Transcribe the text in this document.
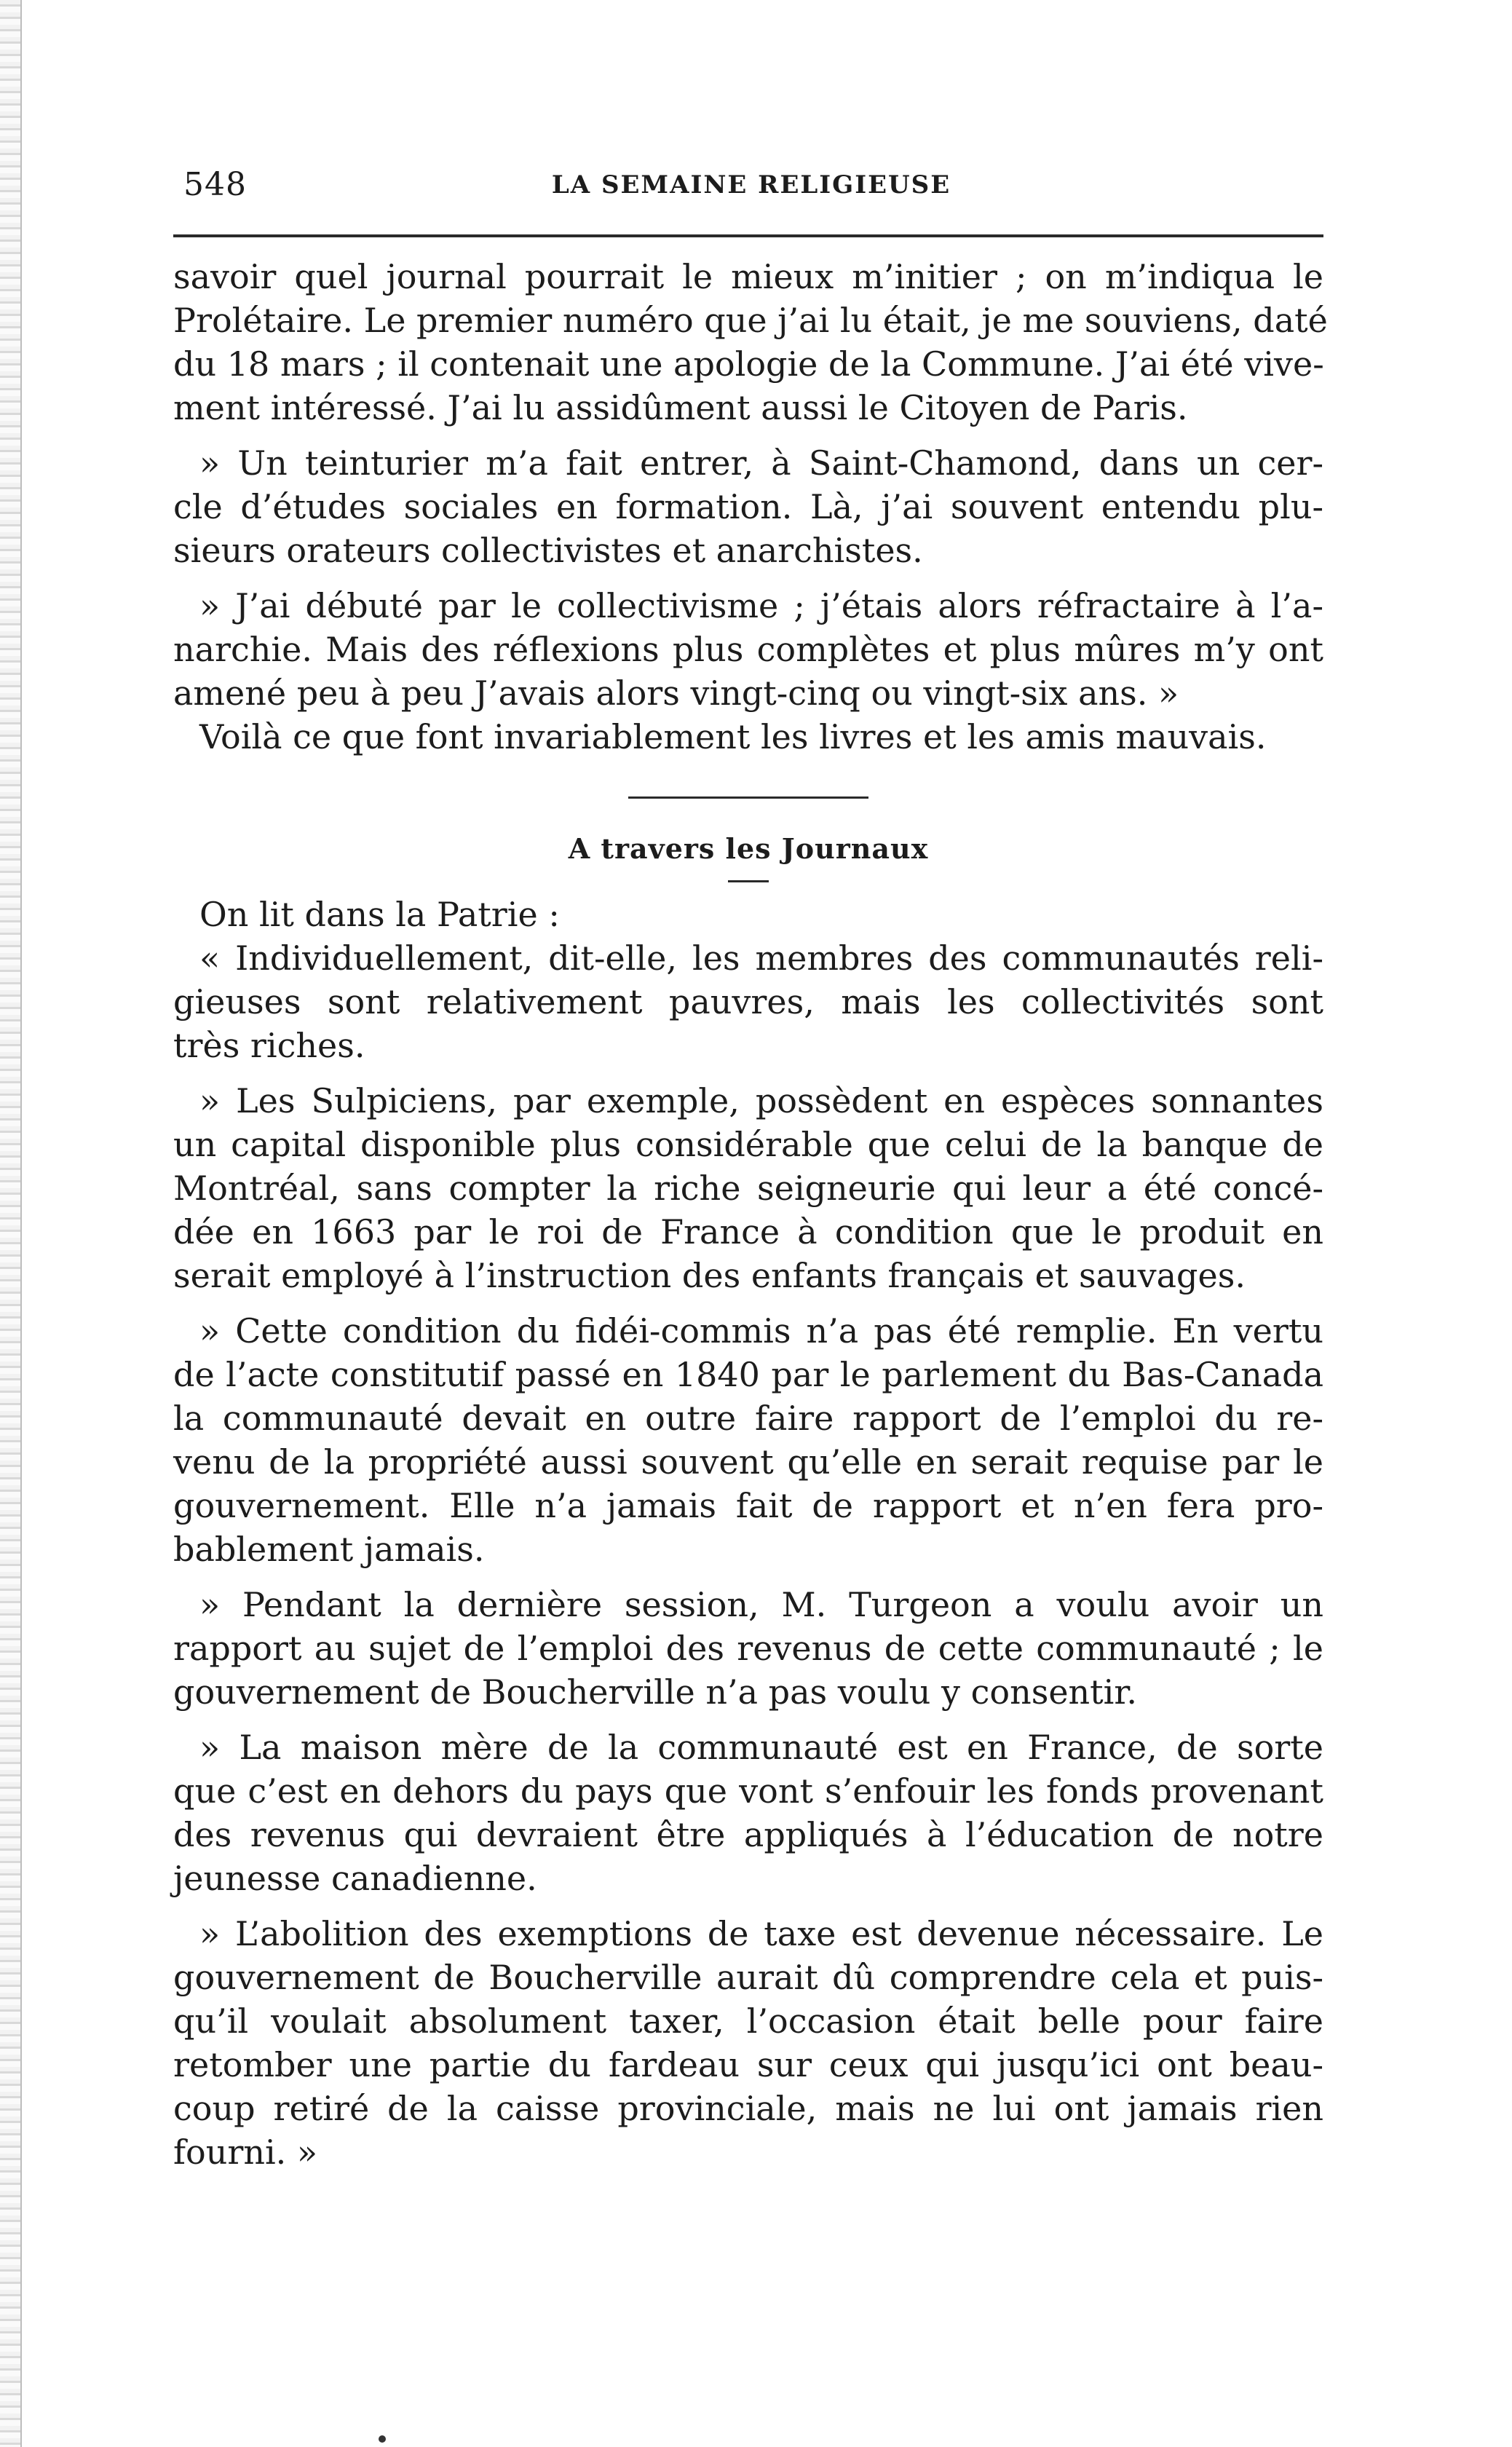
548	LA SEMAINE RELIGIEUSE
savoir quel journal pourrait le mieux m’initier ; on m’indiqua le
Prolétaire. Le premier numéro que j’ai lu était, je me souviens, daté
du 18 mars ; il contenait une apologie de la Commune. J’ai été vive-
ment intéressé. J’ai lu assidûment aussi le Citoyen de Paris.
» Un teinturier m’a fait entrer, à Saint-Chamond, dans un cer-
cle d’études sociales en formation. Là, j’ai souvent entendu plu-
sieurs orateurs collectivistes et anarchistes.
» J’ai débuté par le collectivisme ; j’étais alors réfractaire à l’a-
narchie. Mais des réflexions plus complètes et plus mûres m’y ont
amené peu à peu J’avais alors vingt-cinq ou vingt-six ans. »
Voilà ce que font invariablement les livres et les amis mauvais.
A travers les Journaux
On lit dans la Patrie :
« Individuellement, dit-elle, les membres des communautés reli-
gieuses sont relativement pauvres, mais les collectivités sont
très riches.
» Les Sulpiciens, par exemple, possèdent en espèces sonnantes
un capital disponible plus considérable que celui de la banque de
Montréal, sans compter la riche seigneurie qui leur a été concé-
dée en 1663 par le roi de France à condition que le produit en
serait employé à l’instruction des enfants français et sauvages.
» Cette condition du fidéi-commis n’a pas été remplie. En vertu
de l’acte constitutif passé en 1840 par le parlement du Bas-Canada
la communauté devait en outre faire rapport de l’emploi du re-
venu de la propriété aussi souvent qu’elle en serait requise par le
gouvernement. Elle n’a jamais fait de rapport et n’en fera pro-
bablement jamais.
» Pendant la dernière session, M. Turgeon a voulu avoir un
rapport au sujet de l’emploi des revenus de cette communauté ; le
gouvernement de Boucherville n’a pas voulu y consentir.
» La maison mère de la communauté est en France, de sorte
que c’est en dehors du pays que vont s’enfouir les fonds provenant
des revenus qui devraient être appliqués à l’éducation de notre
jeunesse canadienne.
» L’abolition des exemptions de taxe est devenue nécessaire. Le
gouvernement de Boucherville aurait dû comprendre cela et puis-
qu’il voulait absolument taxer, l’occasion était belle pour faire
retomber une partie du fardeau sur ceux qui jusqu’ici ont beau-
coup retiré de la caisse provinciale, mais ne lui ont jamais rien
fourni. »
